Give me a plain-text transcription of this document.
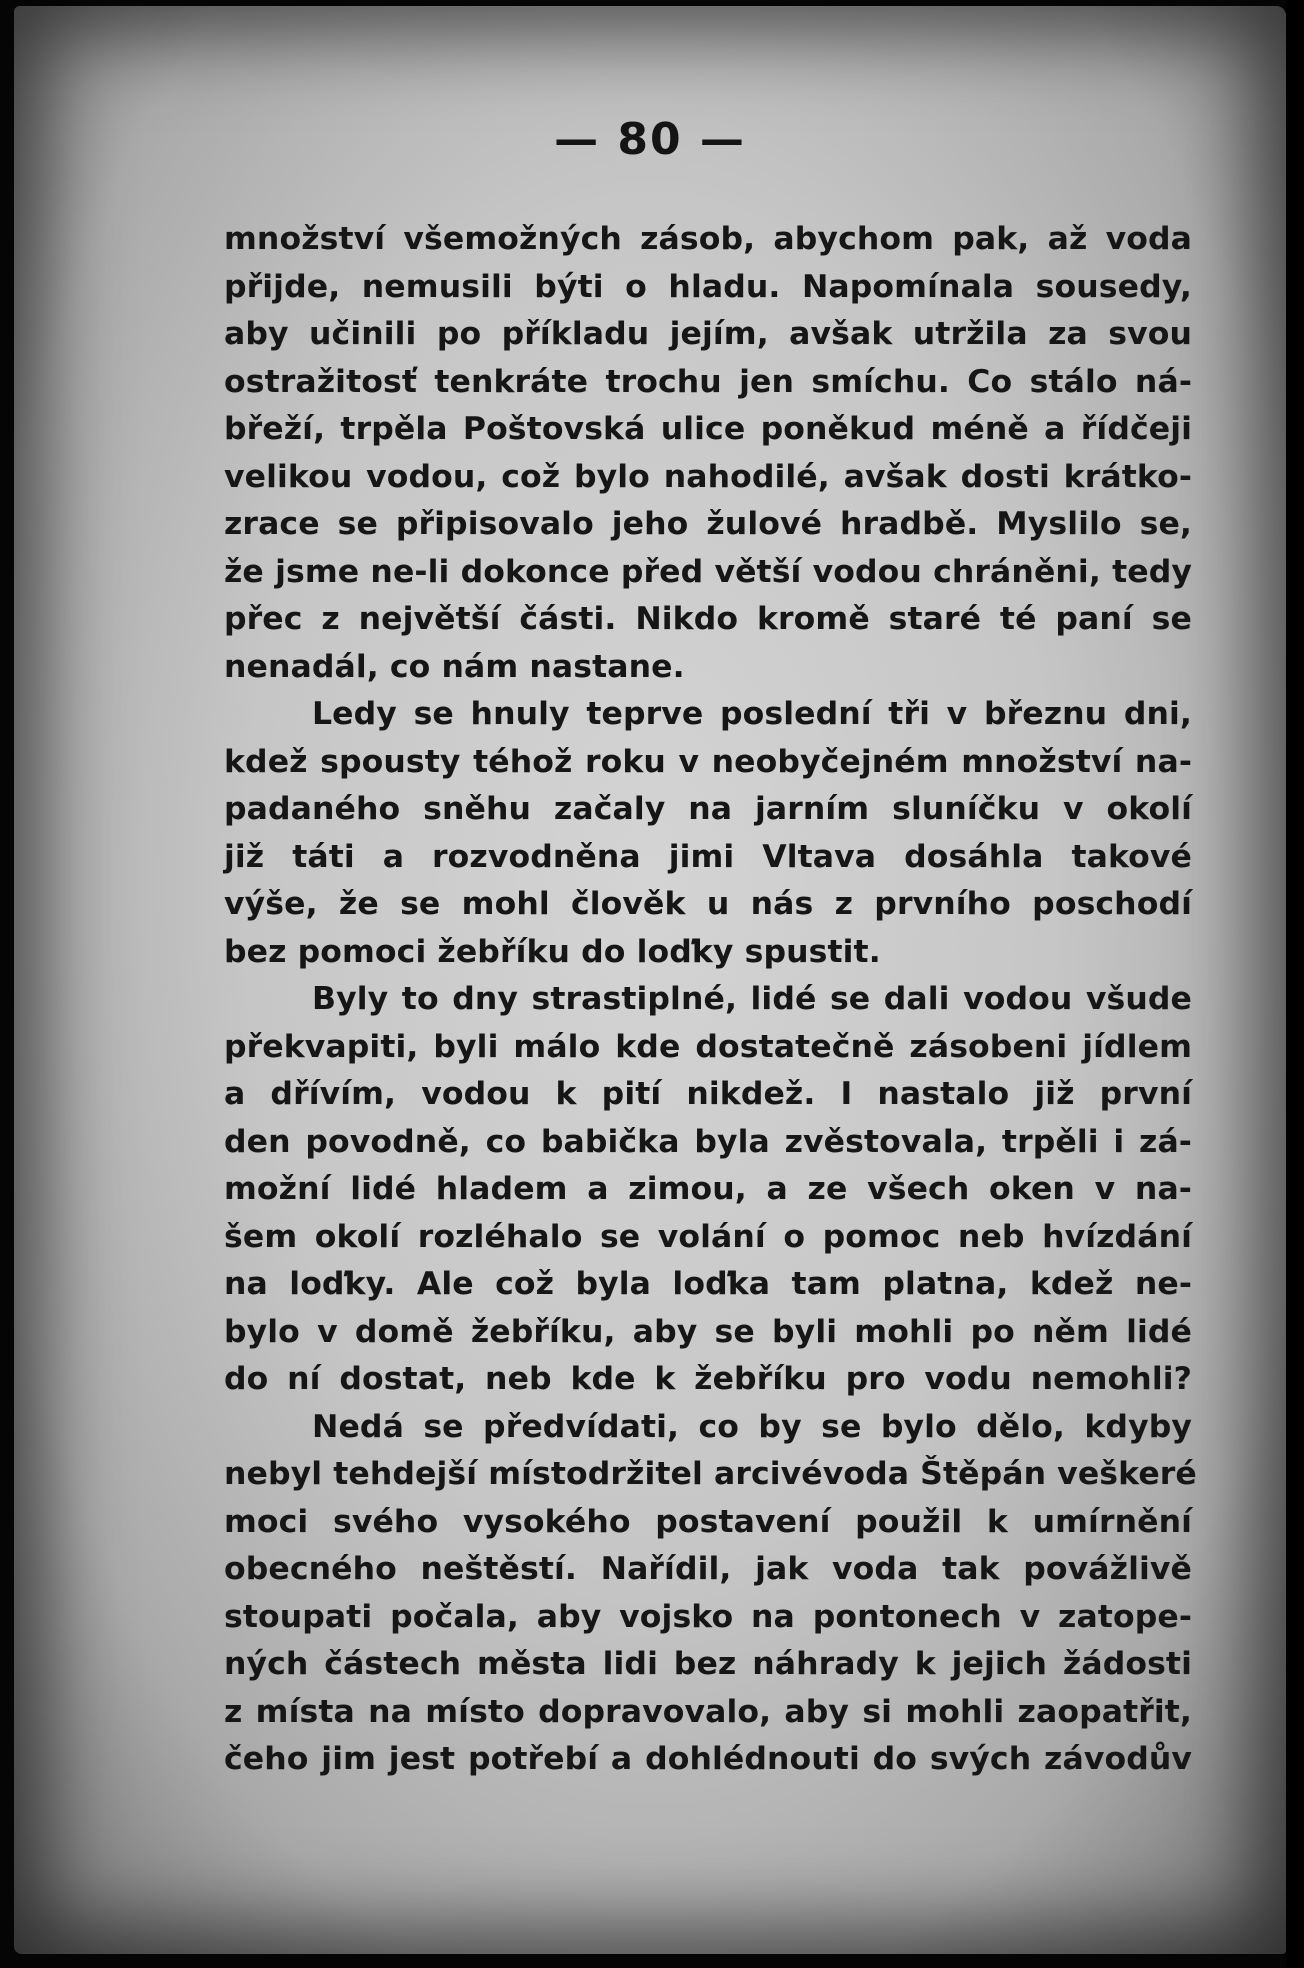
— 80 —
množství všemožných zásob, abychom pak, až voda
přijde, nemusili býti o hladu. Napomínala sousedy,
aby učinili po příkladu jejím, avšak utržila za svou
ostražitosť tenkráte trochu jen smíchu. Co stálo ná-
břeží, trpěla Poštovská ulice poněkud méně a řídčeji
velikou vodou, což bylo nahodilé, avšak dosti krátko-
zrace se připisovalo jeho žulové hradbě. Myslilo se,
že jsme ne-li dokonce před větší vodou chráněni, tedy
přec z největší části. Nikdo kromě staré té paní se
nenadál, co nám nastane.
Ledy se hnuly teprve poslední tři v březnu dni,
kdež spousty téhož roku v neobyčejném množství na-
padaného sněhu začaly na jarním sluníčku v okolí
již táti a rozvodněna jimi Vltava dosáhla takové
výše, že se mohl člověk u nás z prvního poschodí
bez pomoci žebříku do loďky spustit.
Byly to dny strastiplné, lidé se dali vodou všude
překvapiti, byli málo kde dostatečně zásobeni jídlem
a dřívím, vodou k pití nikdež. I nastalo již první
den povodně, co babička byla zvěstovala, trpěli i zá-
možní lidé hladem a zimou, a ze všech oken v na-
šem okolí rozléhalo se volání o pomoc neb hvízdání
na loďky. Ale což byla loďka tam platna, kdež ne-
bylo v domě žebříku, aby se byli mohli po něm lidé
do ní dostat, neb kde k žebříku pro vodu nemohli?
Nedá se předvídati, co by se bylo dělo, kdyby
nebyl tehdejší místodržitel arcivévoda Štěpán veškeré
moci svého vysokého postavení použil k umírnění
obecného neštěstí. Nařídil, jak voda tak povážlivě
stoupati počala, aby vojsko na pontonech v zatope-
ných částech města lidi bez náhrady k jejich žádosti
z místa na místo dopravovalo, aby si mohli zaopatřit,
čeho jim jest potřebí a dohlédnouti do svých závodův
